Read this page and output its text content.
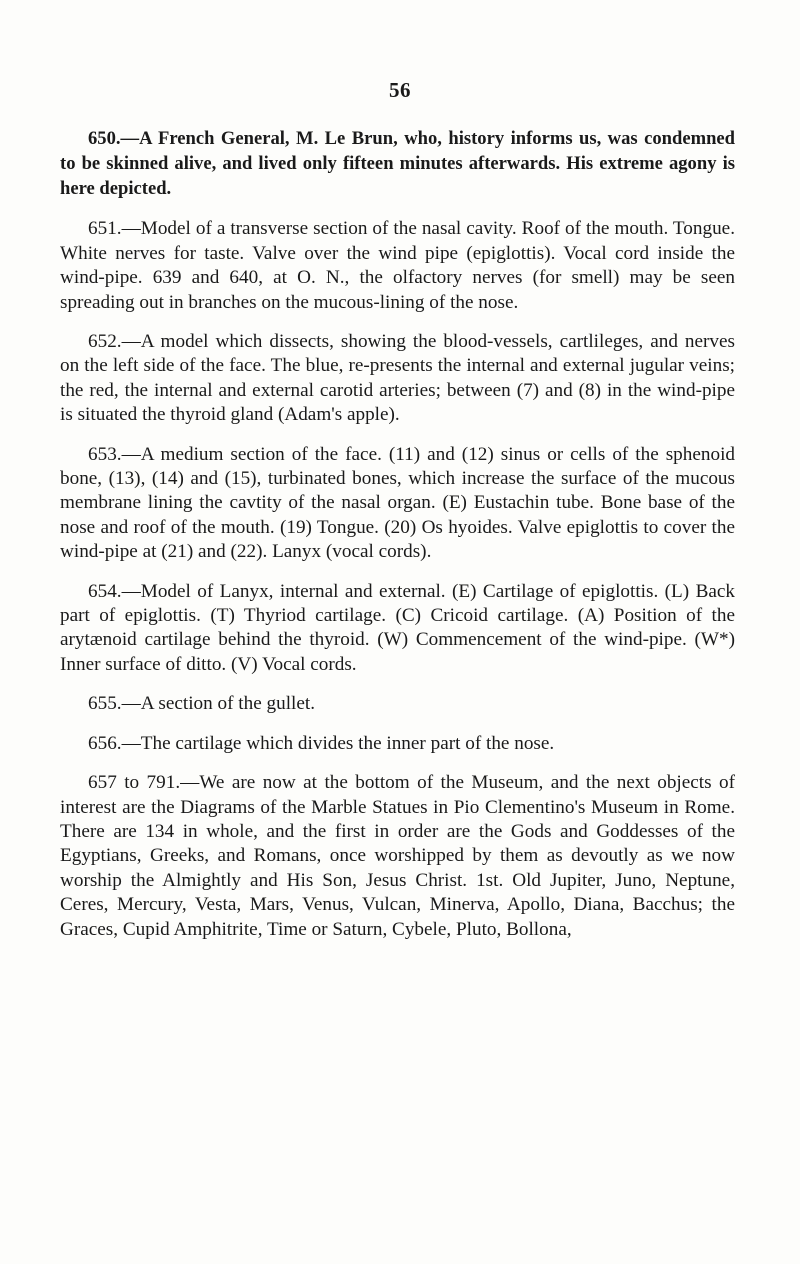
56

650.—A French General, M. Le Brun, who, history informs us, was condemned to be skinned alive, and lived only fifteen minutes afterwards. His extreme agony is here depicted.

651.—Model of a transverse section of the nasal cavity. Roof of the mouth. Tongue. White nerves for taste. Valve over the wind pipe (epiglottis). Vocal cord inside the wind-pipe. 639 and 640, at O. N., the olfactory nerves (for smell) may be seen spreading out in branches on the mucous-lining of the nose.

652.—A model which dissects, showing the blood-vessels, cartlileges, and nerves on the left side of the face. The blue, re-presents the internal and external jugular veins; the red, the internal and external carotid arteries; between (7) and (8) in the wind-pipe is situated the thyroid gland (Adam's apple).

653.—A medium section of the face. (11) and (12) sinus or cells of the sphenoid bone, (13), (14) and (15), turbinated bones, which increase the surface of the mucous membrane lining the cavtity of the nasal organ. (E) Eustachin tube. Bone base of the nose and roof of the mouth. (19) Tongue. (20) Os hyoides. Valve epiglottis to cover the wind-pipe at (21) and (22). Lanyx (vocal cords).

654.—Model of Lanyx, internal and external. (E) Cartilage of epiglottis. (L) Back part of epiglottis. (T) Thyriod cartilage. (C) Cricoid cartilage. (A) Position of the arytænoid cartilage behind the thyroid. (W) Commencement of the wind-pipe. (W*) Inner surface of ditto. (V) Vocal cords.

655.—A section of the gullet.

656.—The cartilage which divides the inner part of the nose.

657 to 791.—We are now at the bottom of the Museum, and the next objects of interest are the Diagrams of the Marble Statues in Pio Clementino's Museum in Rome. There are 134 in whole, and the first in order are the Gods and Goddesses of the Egyptians, Greeks, and Romans, once worshipped by them as devoutly as we now worship the Almightly and His Son, Jesus Christ. 1st. Old Jupiter, Juno, Neptune, Ceres, Mercury, Vesta, Mars, Venus, Vulcan, Minerva, Apollo, Diana, Bacchus; the Graces, Cupid Amphitrite, Time or Saturn, Cybele, Pluto, Bollona,
